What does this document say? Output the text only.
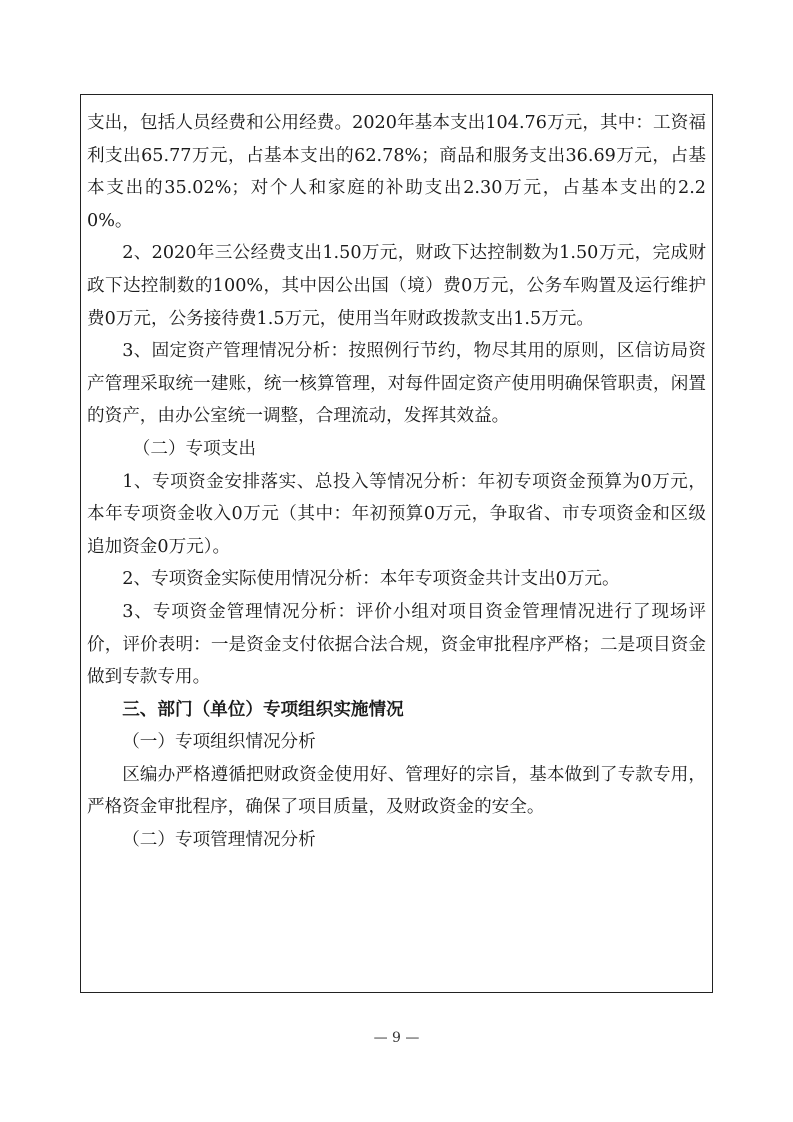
支出，包括人员经费和公用经费。2020年基本支出104.76万元，其中：工资福利支出65.77万元，占基本支出的62.78%；商品和服务支出36.69万元，占基本支出的35.02%；对个人和家庭的补助支出2.30万元，占基本支出的2.20%。

2、2020年三公经费支出1.50万元，财政下达控制数为1.50万元，完成财政下达控制数的100%，其中因公出国（境）费0万元，公务车购置及运行维护费0万元，公务接待费1.5万元，使用当年财政拨款支出1.5万元。

3、固定资产管理情况分析：按照例行节约，物尽其用的原则，区信访局资产管理采取统一建账，统一核算管理，对每件固定资产使用明确保管职责，闲置的资产，由办公室统一调整，合理流动，发挥其效益。

（二）专项支出

1、专项资金安排落实、总投入等情况分析：年初专项资金预算为0万元，本年专项资金收入0万元（其中：年初预算0万元，争取省、市专项资金和区级追加资金0万元）。

2、专项资金实际使用情况分析：本年专项资金共计支出0万元。

3、专项资金管理情况分析：评价小组对项目资金管理情况进行了现场评价，评价表明：一是资金支付依据合法合规，资金审批程序严格；二是项目资金做到专款专用。

三、部门（单位）专项组织实施情况

（一）专项组织情况分析

区编办严格遵循把财政资金使用好、管理好的宗旨，基本做到了专款专用，严格资金审批程序，确保了项目质量，及财政资金的安全。

（二）专项管理情况分析

— 9 —
